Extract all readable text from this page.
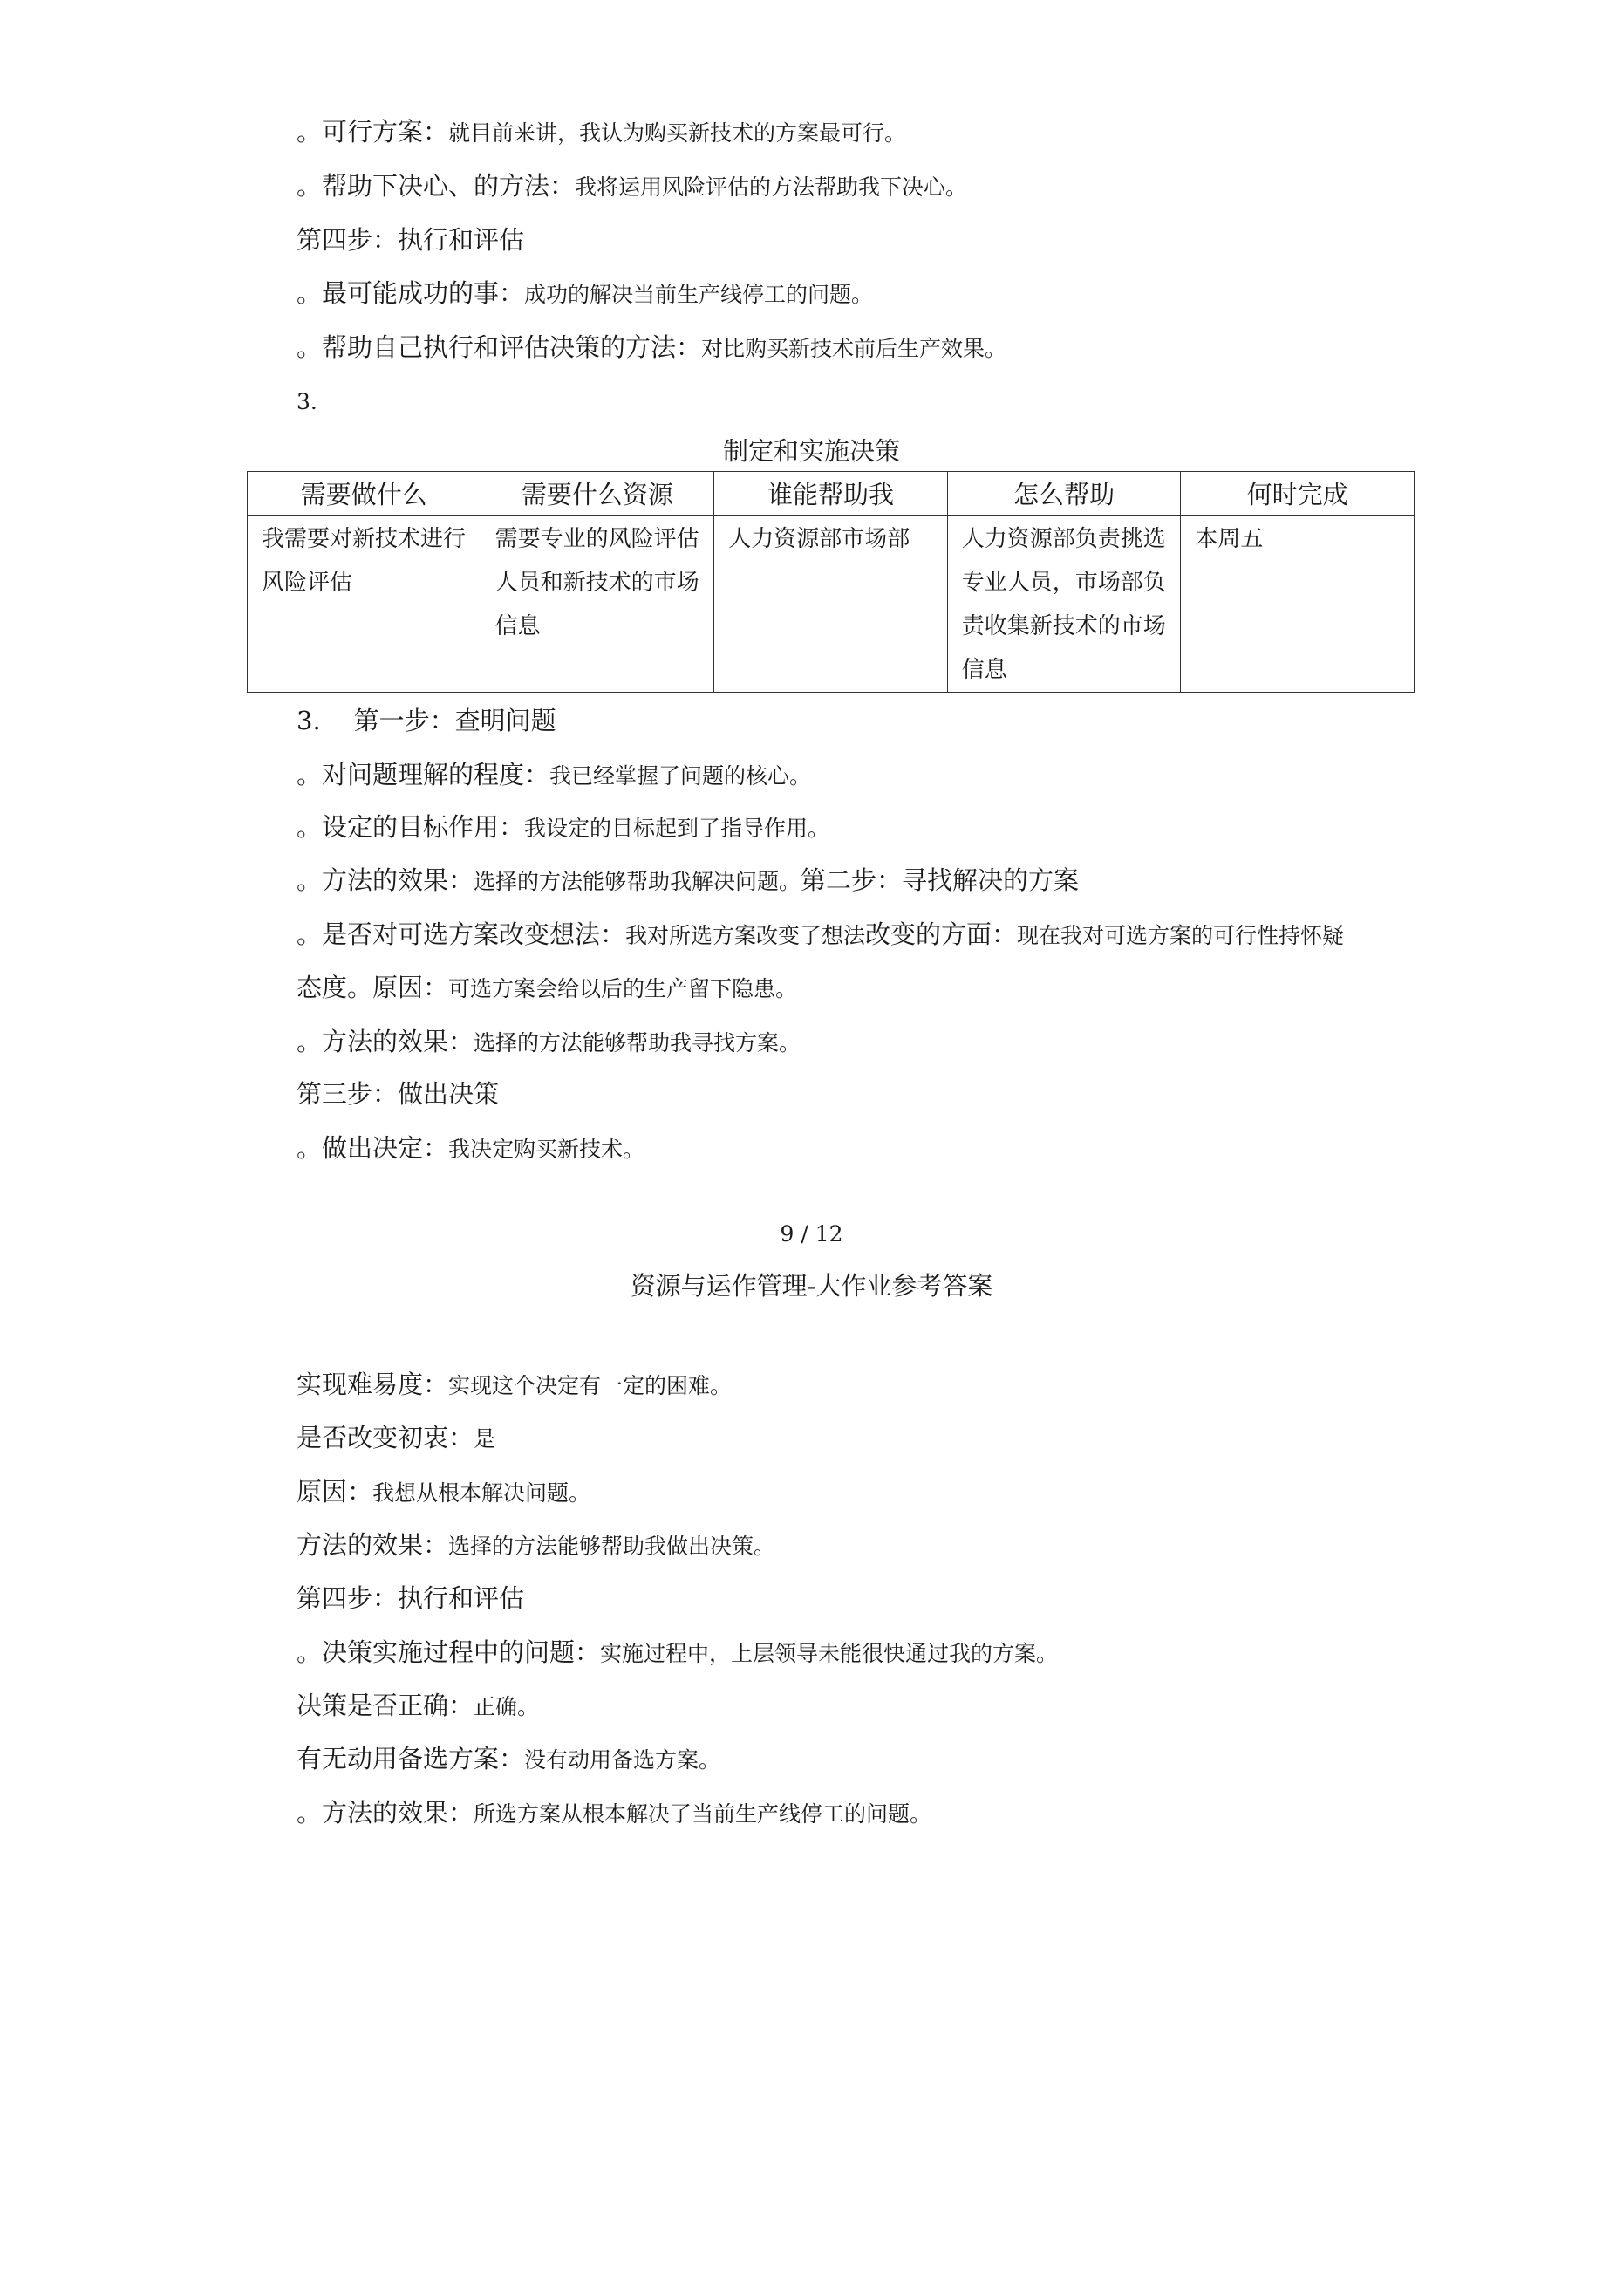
。可行方案：就目前来讲，我认为购买新技术的方案最可行。
。帮助下决心、的方法：我将运用风险评估的方法帮助我下决心。
第四步：执行和评估
。最可能成功的事：成功的解决当前生产线停工的问题。
。帮助自己执行和评估决策的方法：对比购买新技术前后生产效果。
3.
制定和实施决策
需要做什么	需要什么资源	谁能帮助我	怎么帮助	何时完成
我需要对新技术进行风险评估	需要专业的风险评估人员和新技术的市场信息	人力资源部市场部	人力资源部负责挑选专业人员，市场部负责收集新技术的市场信息	本周五
3. 第一步：查明问题
。对问题理解的程度：我已经掌握了问题的核心。
。设定的目标作用：我设定的目标起到了指导作用。
。方法的效果：选择的方法能够帮助我解决问题。第二步：寻找解决的方案
。是否对可选方案改变想法：我对所选方案改变了想法改变的方面：现在我对可选方案的可行性持怀疑
态度。原因：可选方案会给以后的生产留下隐患。
。方法的效果：选择的方法能够帮助我寻找方案。
第三步：做出决策
。做出决定：我决定购买新技术。
9 / 12
资源与运作管理-大作业参考答案
实现难易度：实现这个决定有一定的困难。
是否改变初衷：是
原因：我想从根本解决问题。
方法的效果：选择的方法能够帮助我做出决策。
第四步：执行和评估
。决策实施过程中的问题：实施过程中，上层领导未能很快通过我的方案。
决策是否正确：正确。
有无动用备选方案：没有动用备选方案。
。方法的效果：所选方案从根本解决了当前生产线停工的问题。
